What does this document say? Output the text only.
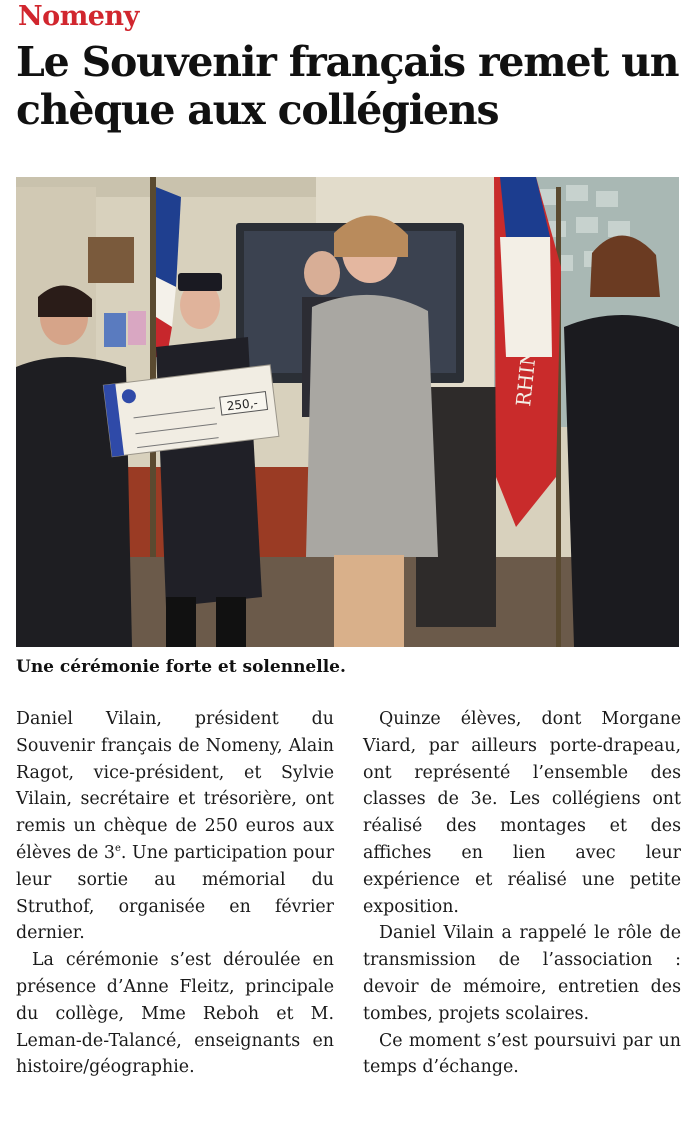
Nomeny
Le Souvenir français remet un chèque aux collégiens
250,-	RHIN ET DA
Une cérémonie forte et solennelle.

Daniel Vilain, président du Souvenir français de Nomeny, Alain Ragot, vice-président, et Sylvie Vilain, secrétaire et trésorière, ont remis un chèque de 250 euros aux élèves de 3e. Une participation pour leur sortie au mémorial du Struthof, organisée en février dernier.

La cérémonie s’est déroulée en présence d’Anne Fleitz, principale du collège, Mme Reboh et M. Leman-de-Talancé, enseignants en histoire/géographie.

Quinze élèves, dont Morgane Viard, par ailleurs porte-drapeau, ont représenté l’ensemble des classes de 3e. Les collégiens ont réalisé des montages et des affiches en lien avec leur expérience et réalisé une petite exposition.

Daniel Vilain a rappelé le rôle de transmission de l’association : devoir de mémoire, entretien des tombes, projets scolaires.

Ce moment s’est poursuivi par un temps d’échange.
